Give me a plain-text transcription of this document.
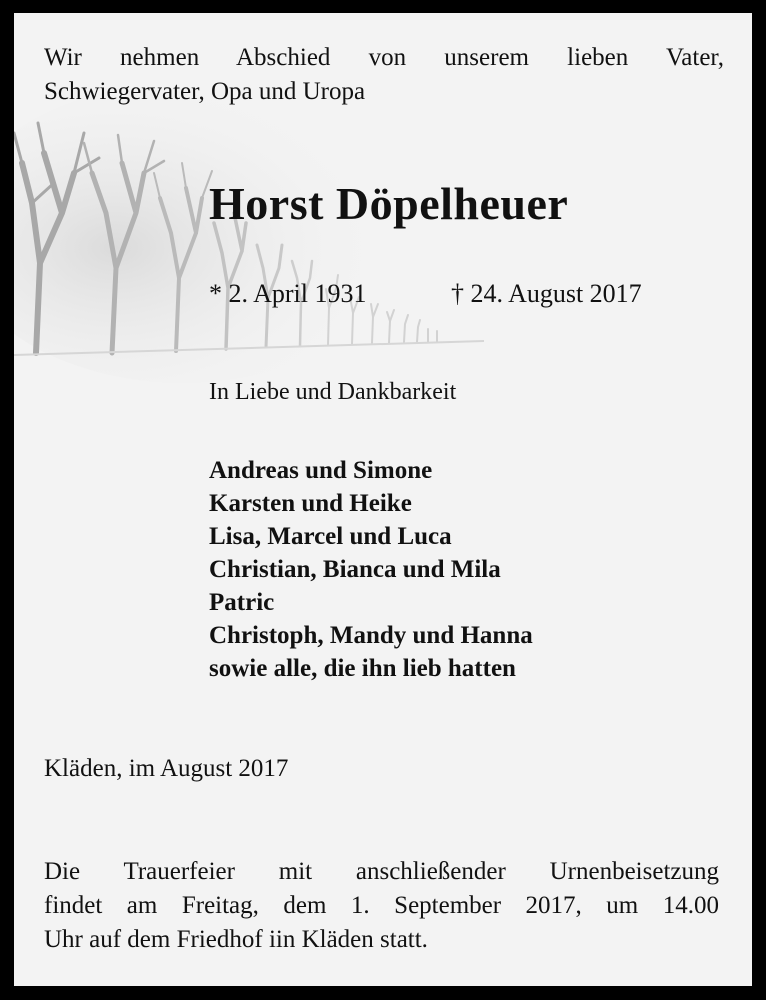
Wir nehmen Abschied von unserem lieben Vater,
Schwiegervater, Opa und Uropa
Horst Döpelheuer
* 2. April 1931	† 24. August 2017
In Liebe und Dankbarkeit
Andreas und Simone
Karsten und Heike
Lisa, Marcel und Luca
Christian, Bianca und Mila
Patric
Christoph, Mandy und Hanna
sowie alle, die ihn lieb hatten
Kläden, im August 2017
Die Trauerfeier mit anschließender Urnenbeisetzung
findet am Freitag, dem 1. September 2017, um 14.00
Uhr auf dem Friedhof iin Kläden statt.
